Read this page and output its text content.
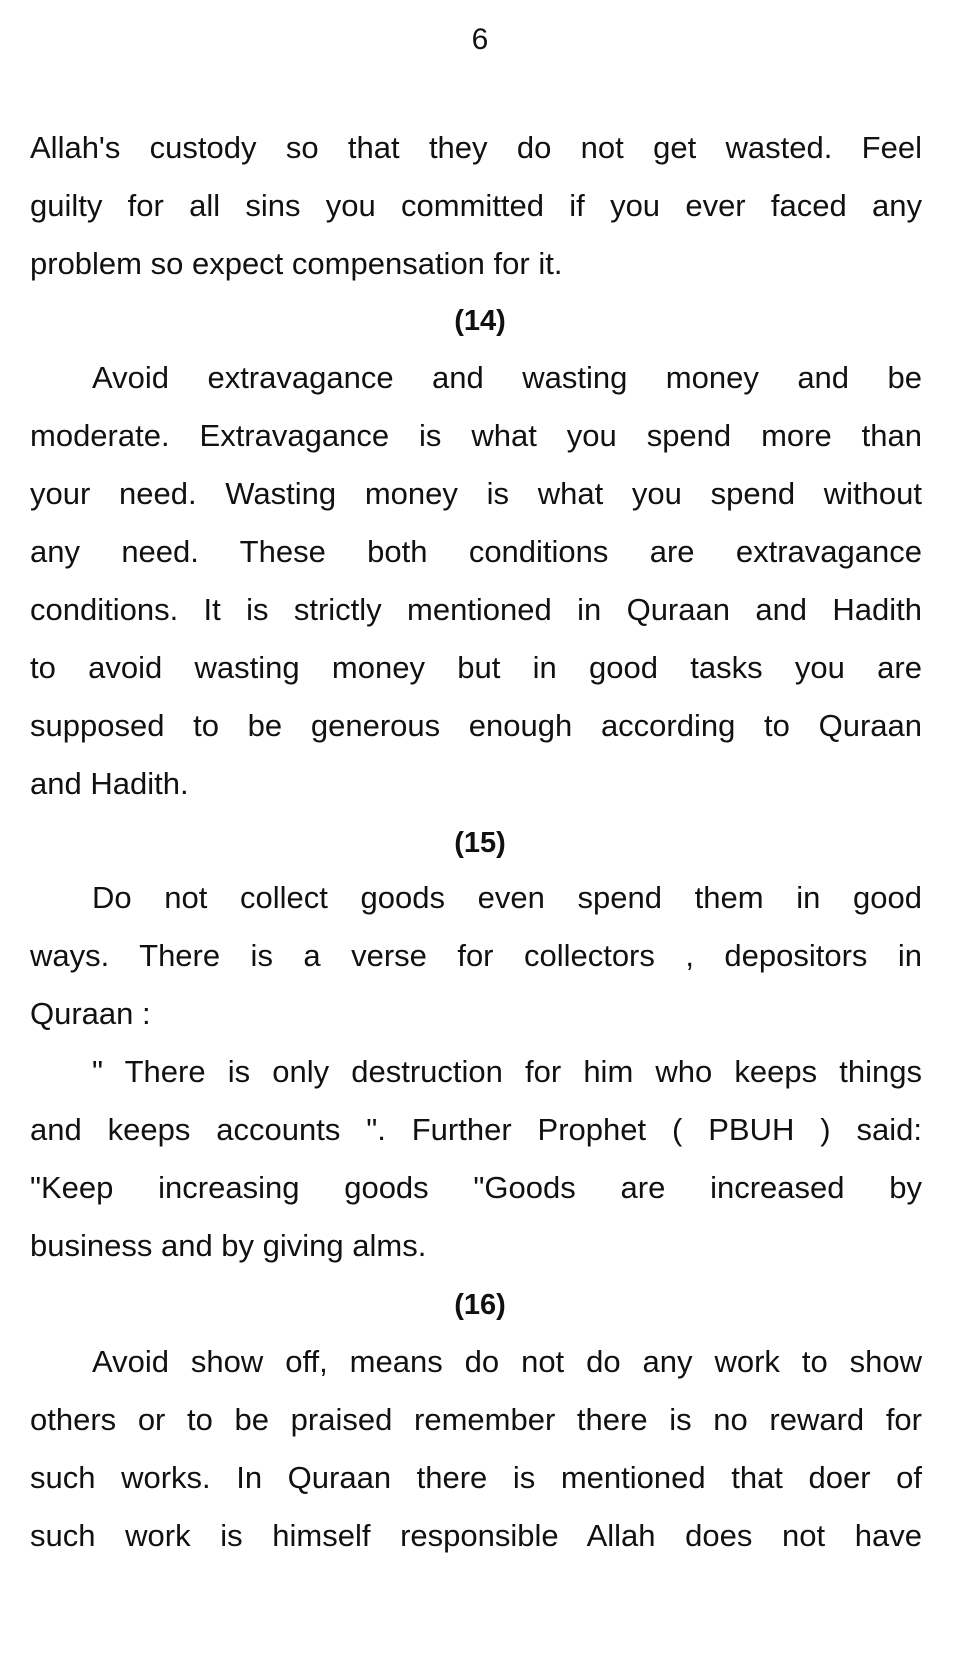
6
Allah's custody so that they do not get wasted. Feel
guilty for all sins you committed if you ever faced any
problem so expect compensation for it.
(14)
Avoid extravagance and wasting money and be
moderate. Extravagance is what you spend more than
your need. Wasting money is what you spend without
any need. These both conditions are extravagance
conditions. It is strictly mentioned in Quraan and Hadith
to avoid wasting money but in good tasks you are
supposed to be generous enough according to Quraan
and Hadith.
(15)
Do not collect goods even spend them in good
ways. There is a verse for collectors , depositors in
Quraan :
" There is only destruction for him who keeps things
and keeps accounts ". Further Prophet ( PBUH ) said:
"Keep increasing goods "Goods are increased by
business and by giving alms.
(16)
Avoid show off, means do not do any work to show
others or to be praised remember there is no reward for
such works. In Quraan there is mentioned that doer of
such work is himself responsible Allah does not have
